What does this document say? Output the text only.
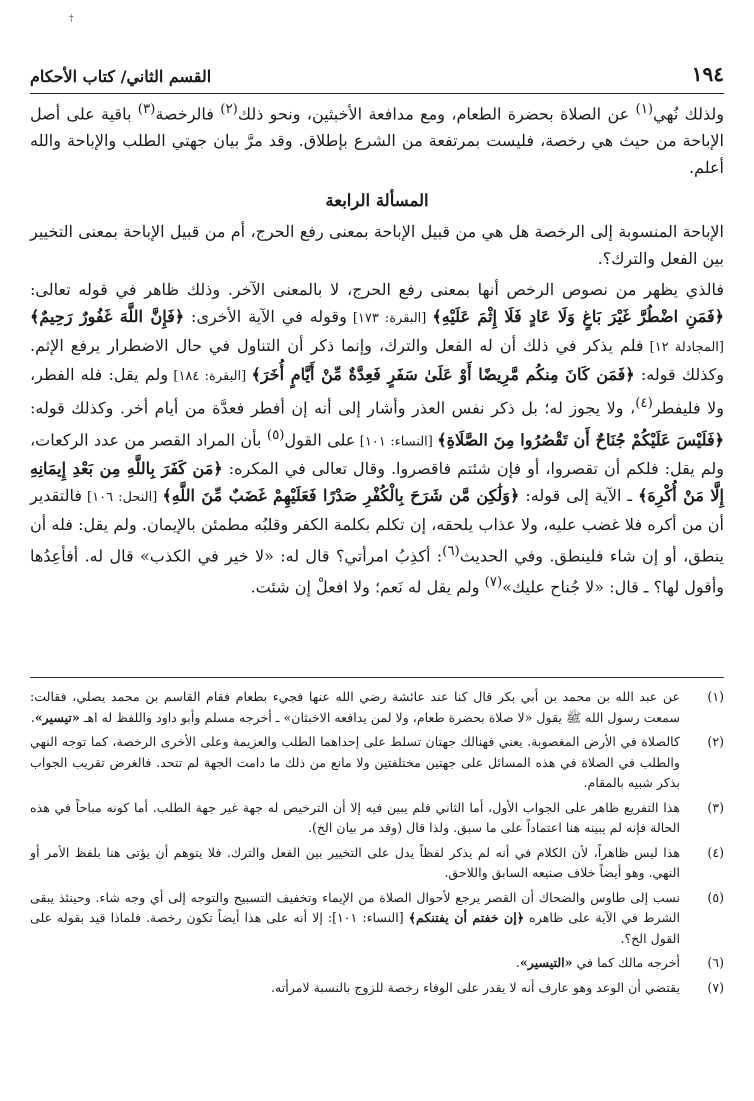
†
١٩٤
القسم الثاني/ كتاب الأحكام

ولذلك نُهي$^{(١)}$ عن الصلاة بحضرة الطعام، ومع مدافعة الأخبثين، ونحو ذلك$^{(٢)}$ فالرخصة$^{(٣)}$ باقية على أصل الإباحة من حيث هي رخصة، فليست بمرتفعة من الشرع بإطلاق. وقد مرَّ بيان جهتي الطلب والإباحة والله أعلم.

المسألة الرابعة

الإباحة المنسوبة إلى الرخصة هل هي من قبيل الإباحة بمعنى رفع الحرج، أم من قبيل الإباحة بمعنى التخيير بين الفعل والترك؟.

فالذي يظهر من نصوص الرخص أنها بمعنى رفع الحرج، لا بالمعنى الآخر. وذلك ظاهر في قوله تعالى: ﴿فَمَنِ اضْطُرَّ غَيْرَ بَاغٍ وَلَا عَادٍ فَلَا إِثْمَ عَلَيْهِ﴾ [البقرة: ١٧٣] وقوله في الآية الأخرى: ﴿فَإِنَّ اللَّهَ غَفُورٌ رَحِيمٌ﴾ [المجادلة ١٢] فلم يذكر في ذلك أن له الفعل والترك، وإنما ذكر أن التناول في حال الاضطرار يرفع الإثم. وكذلك قوله: ﴿فَمَن كَانَ مِنكُم مَّرِيضًا أَوْ عَلَىٰ سَفَرٍ فَعِدَّةٌ مِّنْ أَيَّامٍ أُخَرَ﴾ [البقرة: ١٨٤] ولم يقل: فله الفطر، ولا فليفطر$^{(٤)}$، ولا يجوز له؛ بل ذكر نفس العذر وأشار إلى أنه إن أفطر فعدَّة من أيام أخر. وكذلك قوله: ﴿فَلَيْسَ عَلَيْكُمْ جُنَاحٌ أَن تَقْصُرُوا مِنَ الصَّلَاةِ﴾ [النساء: ١٠١] على القول$^{(٥)}$ بأن المراد القصر من عدد الركعات، ولم يقل: فلكم أن تقصروا، أو فإن شئتم فاقصروا. وقال تعالى في المكره: ﴿مَن كَفَرَ بِاللَّهِ مِن بَعْدِ إِيمَانِهِ إِلَّا مَنْ أُكْرِهَ﴾ ـ الآية إلى قوله: ﴿وَلَٰكِن مَّن شَرَحَ بِالْكُفْرِ صَدْرًا فَعَلَيْهِمْ غَضَبٌ مِّنَ اللَّهِ﴾ [النحل: ١٠٦] فالتقدير أن من أكره فلا غضب عليه، ولا عذاب يلحقه، إن تكلم بكلمة الكفر وقلبُه مطمئن بالإيمان. ولم يقل: فله أن ينطق، أو إن شاء فلينطق. وفي الحديث$^{(٦)}$: أكذِبُ امرأتي؟ قال له: «لا خير في الكذب» قال له. أفأعِدُها وأقول لها؟ ـ قال: «لا جُناح عليك»$^{(٧)}$ ولم يقل له نَعم؛ ولا افعلْ إن شئت.

(١)
عن عبد الله بن محمد بن أبي بكر قال كنا عند عائشة رضي الله عنها فجيء بطعام فقام القاسم بن محمد يصلي، فقالت: سمعت رسول الله ﷺ يقول «لا صلاة بحضرة طعام، ولا لمن يدافعه الاخبثان» ـ أخرجه مسلم وأبو داود واللفظ له اهـ «تيسير».
(٢)
كالصلاة في الأرض المغصوبة. يعني فهنالك جهتان تسلط على إحداهما الطلب والعزيمة وعلى الأخرى الرخصة، كما توجه النهي والطلب في الصلاة في هذه المسائل على جهتين مختلفتين ولا مانع من ذلك ما دامت الجهة لم تتحد. فالغرض تقريب الجواب بذكر شبيه بالمقام.
(٣)
هذا التفريع ظاهر على الجواب الأول، أما الثاني فلم يبين فيه إلا أن الترخيص له جهة غير جهة الطلب. أما كونه مباحاً في هذه الحالة فإنه لم يبينه هنا اعتماداً على ما سبق. ولذا قال (وقد مر بيان الخ).
(٤)
هذا ليس ظاهراً، لأن الكلام في أنه لم يذكر لفظاً يدل على التخيير بين الفعل والترك. فلا يتوهم أن يؤتى هنا بلفظ الأمر أو النهي. وهو أيضاً خلاف صنيعه السابق واللاحق.
(٥)
نسب إلى طاوس والضحاك أن القصر يرجع لأحوال الصلاة من الإيماء وتخفيف التسبيح والتوجه إلى أي وجه شاء. وحينئذ يبقى الشرط في الآية على ظاهره ﴿إن خفتم أن يفتنكم﴾ [النساء: ١٠١]: إلا أنه على هذا أيضاً تكون رخصة. فلماذا قيد بقوله على القول الخ؟.
(٦)
أخرجه مالك كما في «التيسير».
(٧)
يقتضي أن الوعد وهو عارف أنه لا يقدر على الوفاء رخصة للزوج بالنسبة لامرأته.
